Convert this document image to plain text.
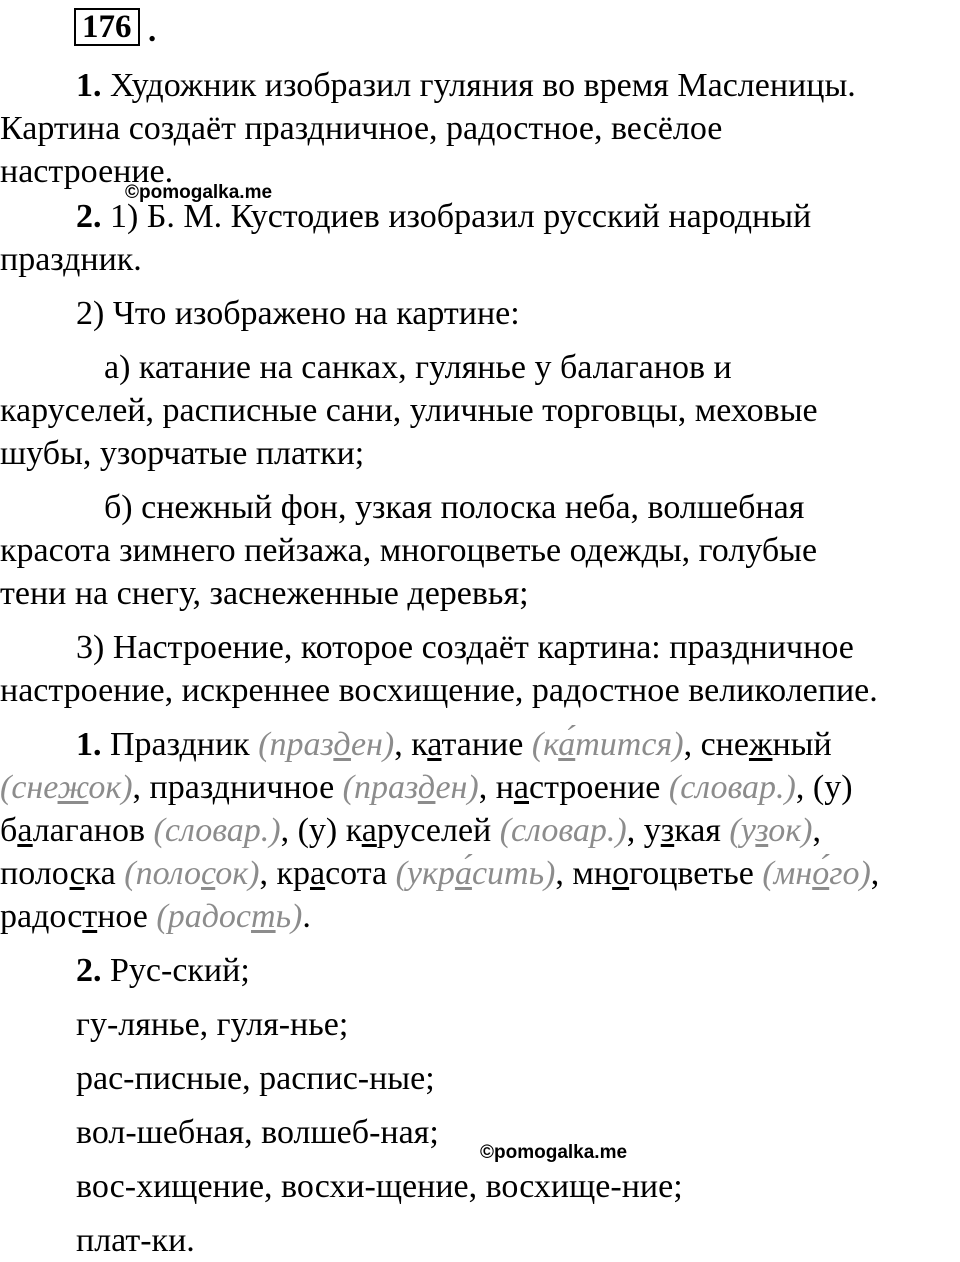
176 .
1. Художник изобразил гуляния во время Масленицы.
Картина создаёт праздничное, радостное, весёлое
настроение.
©pomogalka.me
2. 1) Б. М. Кустодиев изобразил русский народный
праздник.
2) Что изображено на картине:
а) катание на санках, гулянье у балаганов и
каруселей, расписные сани, уличные торговцы, меховые
шубы, узорчатые платки;
б) снежный фон, узкая полоска неба, волшебная
красота зимнего пейзажа, многоцветье одежды, голубые
тени на снегу, заснеженные деревья;
3) Настроение, которое создаёт картина: праздничное
настроение, искреннее восхищение, радостное великолепие.
1. Праздник (празден), катание (ка́тится), снежный
(снежок), праздничное (празден), настроение (словар.), (у)
балаганов (словар.), (у) каруселей (словар.), узкая (узок),
полоска (полосок), красота (укра́сить), многоцветье (мно́го),
радостное (радость).
2. Рус-ский;
гу-лянье, гуля-нье;
рас-писные, распис-ные;
вол-шебная, волшеб-ная;
©pomogalka.me
вос-хищение, восхи-щение, восхище-ние;
плат-ки.
